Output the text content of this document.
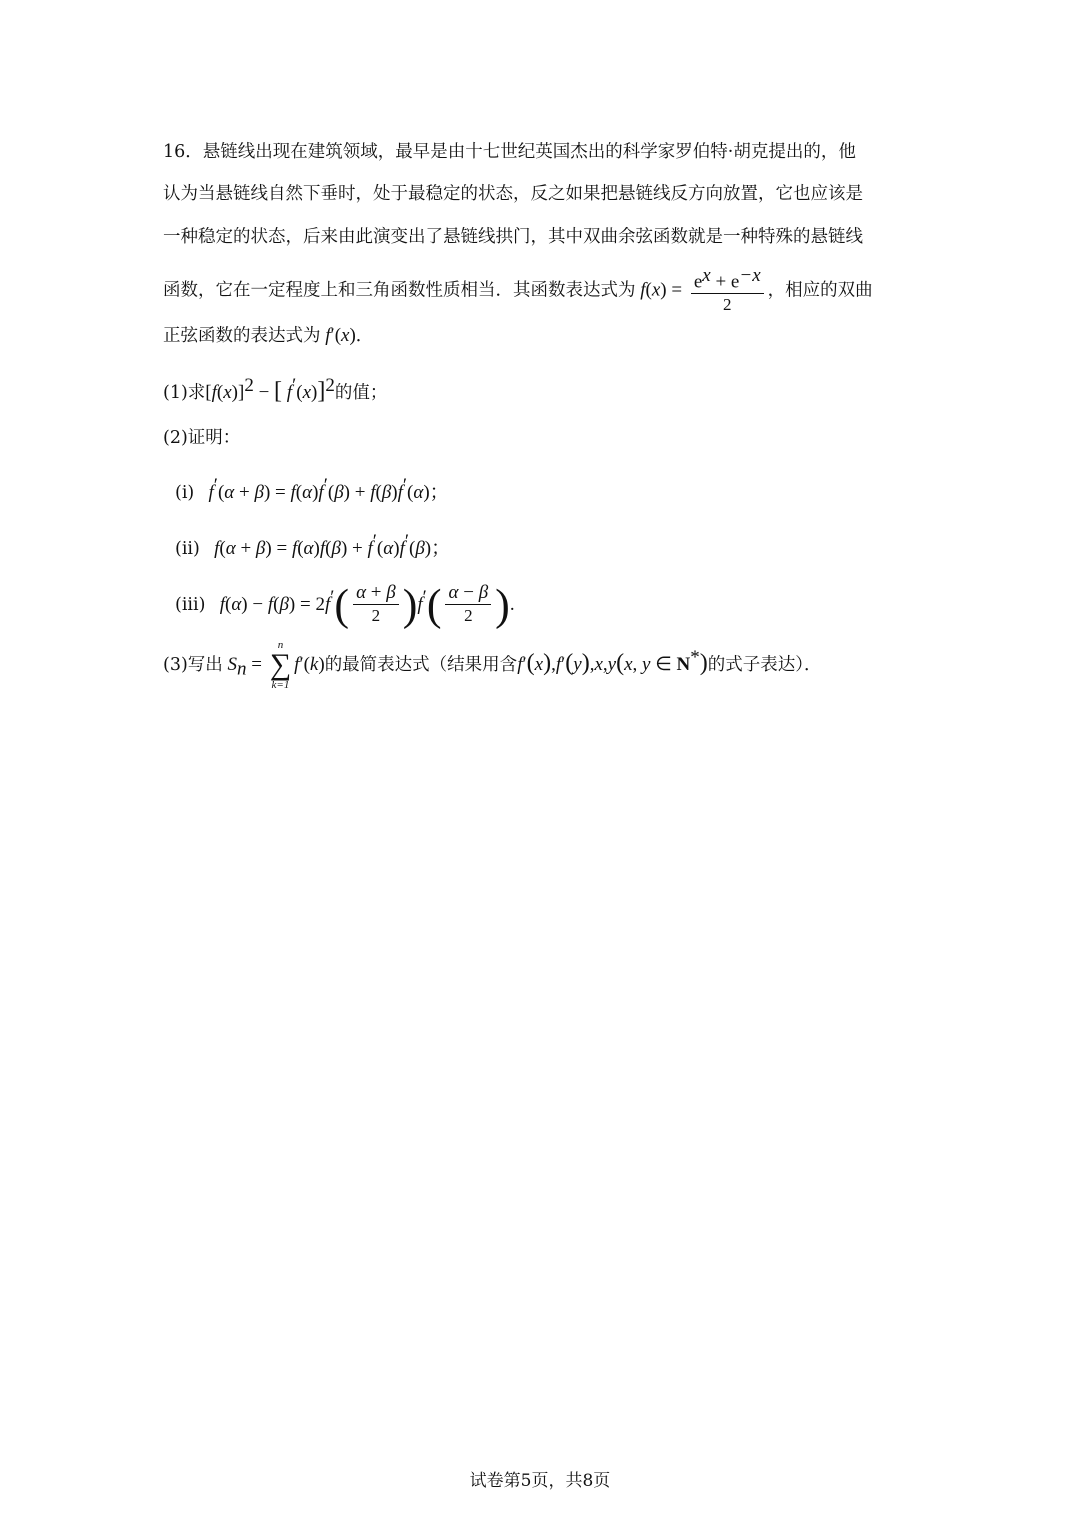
16．悬链线出现在建筑领域，最早是由十七世纪英国杰出的科学家罗伯特·胡克提出的，他
认为当悬链线自然下垂时，处于最稳定的状态，反之如果把悬链线反方向放置，它也应该是
一种稳定的状态，后来由此演变出了悬链线拱门，其中双曲余弦函数就是一种特殊的悬链线
函数，它在一定程度上和三角函数性质相当．其函数表达式为 $f(x) = \frac{e^x + e^{-x}}{2}$ ，相应的双曲
正弦函数的表达式为 f′(x)．
(1)求$[f(x)]^2$ − [ f′(x)]$^2$的值；
(2)证明：
(i)   f′(α + β) = f(α)f′(β) + f(β)f′(α)；
(ii)   f(α + β) = f(α)f(β) + f′(α)f′(β)；
(iii)   $f(\alpha) - f(\beta) = 2f'( \frac{\alpha + \beta}{2} )f'( \frac{\alpha - \beta}{2}$ ).
(3)写出 $S_n$ =
n
∑
k=1
f′(k)的最简表达式（结果用含f′(x),f′(y),x,y(x, y ∈ N*)的式子表达）．
试卷第5页，共8页
